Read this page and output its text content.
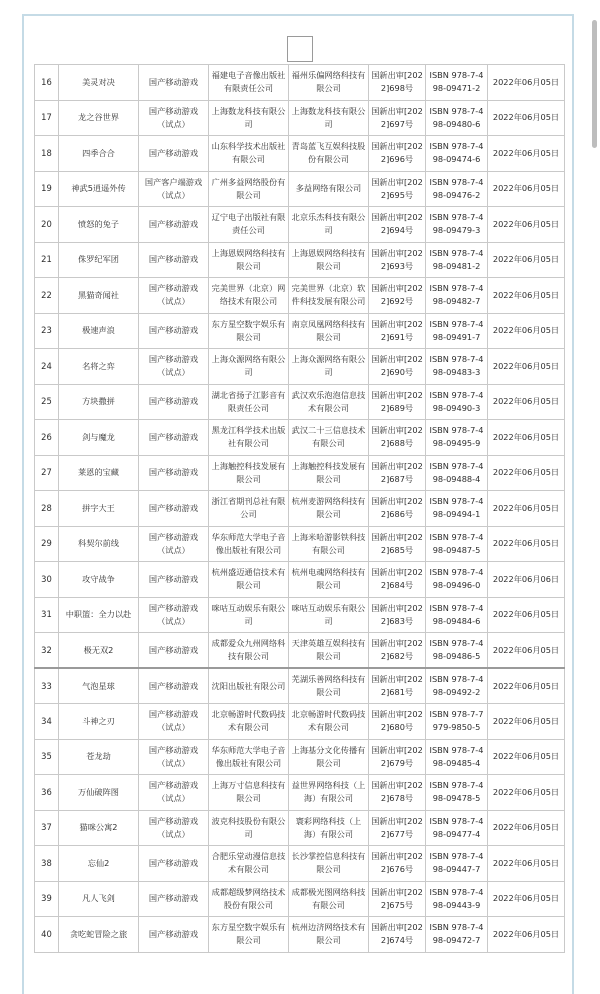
16	美灵对决	国产移动游戏	福建电子音像出版社有限责任公司	福州乐偏网络科技有限公司	国新出审[2022]698号	ISBN 978-7-498-09471-2	2022年06月05日
17	龙之谷世界	国产移动游戏（试点）	上海数龙科技有限公司	上海数龙科技有限公司	国新出审[2022]697号	ISBN 978-7-498-09480-6	2022年06月05日
18	四季合合	国产移动游戏	山东科学技术出版社有限公司	青岛蓝飞互娱科技股份有限公司	国新出审[2022]696号	ISBN 978-7-498-09474-6	2022年06月05日
19	神武5逍遥外传	国产客户端游戏（试点）	广州多益网络股份有限公司	多益网络有限公司	国新出审[2022]695号	ISBN 978-7-498-09476-2	2022年06月05日
20	愤怒的兔子	国产移动游戏	辽宁电子出版社有限责任公司	北京乐杰科技有限公司	国新出审[2022]694号	ISBN 978-7-498-09479-3	2022年06月05日
21	侏罗纪军团	国产移动游戏	上海恩娱网络科技有限公司	上海恩娱网络科技有限公司	国新出审[2022]693号	ISBN 978-7-498-09481-2	2022年06月05日
22	黑猫奇闻社	国产移动游戏（试点）	完美世界（北京）网络技术有限公司	完美世界（北京）软件科技发展有限公司	国新出审[2022]692号	ISBN 978-7-498-09482-7	2022年06月05日
23	极速声浪	国产移动游戏	东方星空数字娱乐有限公司	南京凤凰网络科技有限公司	国新出审[2022]691号	ISBN 978-7-498-09491-7	2022年06月05日
24	名将之弈	国产移动游戏（试点）	上海众源网络有限公司	上海众源网络有限公司	国新出审[2022]690号	ISBN 978-7-498-09483-3	2022年06月05日
25	方块撒拼	国产移动游戏	湖北省扬子江影音有限责任公司	武汉欢乐泡泡信息技术有限公司	国新出审[2022]689号	ISBN 978-7-498-09490-3	2022年06月05日
26	剑与魔龙	国产移动游戏	黑龙江科学技术出版社有限公司	武汉二十三信息技术有限公司	国新出审[2022]688号	ISBN 978-7-498-09495-9	2022年06月05日
27	莱恩的宝藏	国产移动游戏	上海触控科技发展有限公司	上海触控科技发展有限公司	国新出审[2022]687号	ISBN 978-7-498-09488-4	2022年06月05日
28	拼字大王	国产移动游戏	浙江省期刊总社有限公司	杭州麦游网络科技有限公司	国新出审[2022]686号	ISBN 978-7-498-09494-1	2022年06月05日
29	科契尔前线	国产移动游戏（试点）	华东师范大学电子音像出版社有限公司	上海米哈游影铁科技有限公司	国新出审[2022]685号	ISBN 978-7-498-09487-5	2022年06月05日
30	攻守战争	国产移动游戏	杭州盛迈通信技术有限公司	杭州电魂网络科技有限公司	国新出审[2022]684号	ISBN 978-7-498-09496-0	2022年06月06日
31	中职篮：全力以赴	国产移动游戏（试点）	咪咕互动娱乐有限公司	咪咕互动娱乐有限公司	国新出审[2022]683号	ISBN 978-7-498-09484-6	2022年06月05日
32	极无双2	国产移动游戏	成都爱众九州网络科技有限公司	天津英雄互娱科技有限公司	国新出审[2022]682号	ISBN 978-7-498-09486-5	2022年06月05日
33	气泡星球	国产移动游戏	沈阳出版社有限公司	芜湖乐善网络科技有限公司	国新出审[2022]681号	ISBN 978-7-498-09492-2	2022年06月05日
34	斗神之刃	国产移动游戏（试点）	北京畅游时代数码技术有限公司	北京畅游时代数码技术有限公司	国新出审[2022]680号	ISBN 978-7-7979-9850-5	2022年06月05日
35	苍龙劫	国产移动游戏（试点）	华东师范大学电子音像出版社有限公司	上海基分文化传播有限公司	国新出审[2022]679号	ISBN 978-7-498-09485-4	2022年06月05日
36	万仙破阵图	国产移动游戏（试点）	上海万寸信息科技有限公司	益世界网络科技（上海）有限公司	国新出审[2022]678号	ISBN 978-7-498-09478-5	2022年06月05日
37	猫咪公寓2	国产移动游戏（试点）	波克科技股份有限公司	寰彩网络科技（上海）有限公司	国新出审[2022]677号	ISBN 978-7-498-09477-4	2022年06月05日
38	忘仙2	国产移动游戏	合肥乐堂动漫信息技术有限公司	长沙掌控信息科技有限公司	国新出审[2022]676号	ISBN 978-7-498-09447-7	2022年06月05日
39	凡人飞剑	国产移动游戏	成都超级梦网络技术股份有限公司	成都极光图网络科技有限公司	国新出审[2022]675号	ISBN 978-7-498-09443-9	2022年06月05日
40	贪吃蛇冒险之旅	国产移动游戏	东方星空数字娱乐有限公司	杭州边济网络技术有限公司	国新出审[2022]674号	ISBN 978-7-498-09472-7	2022年06月05日
